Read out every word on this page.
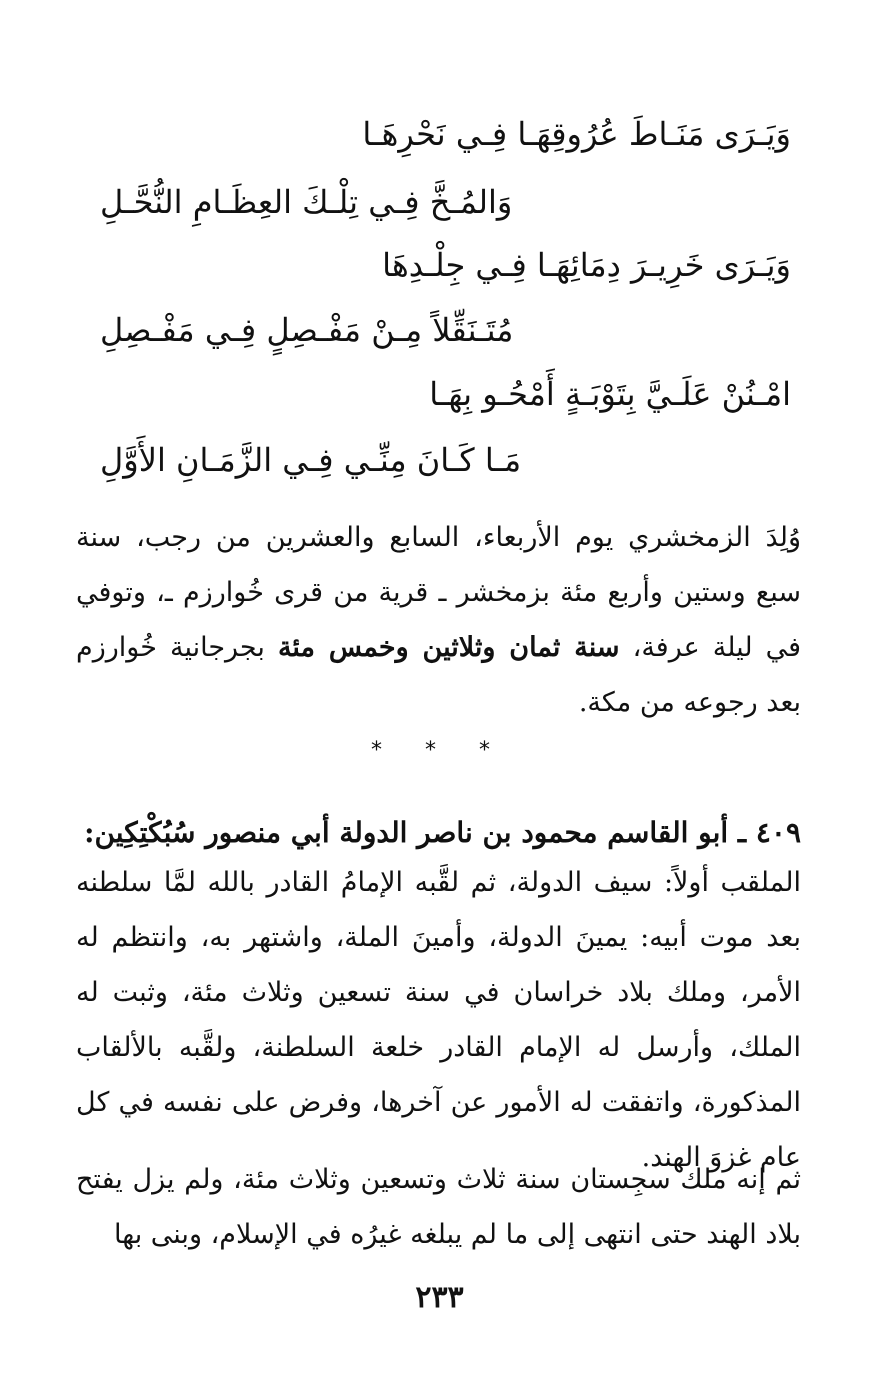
وَيَـرَى مَنَـاطَ عُرُوقِهَـا فِـي نَحْرِهَـا
وَالمُـخَّ فِـي تِلْـكَ العِظَـامِ النُّحَّـلِ
وَيَـرَى خَرِيـرَ دِمَائِهَـا فِـي جِلْـدِهَا
مُتَـنَقِّلاً مِـنْ مَفْـصِلٍ فِـي مَفْـصِلِ
امْـنُنْ عَلَـيَّ بِتَوْبَـةٍ أَمْحُـو بِهَـا
مَـا كَـانَ مِنِّـي فِـي الزَّمَـانِ الأَوَّلِ
وُلِدَ الزمخشري يوم الأربعاء، السابع والعشرين من رجب، سنة سبع وستين وأربع مئة بزمخشر ـ قرية من قرى خُوارزم ـ، وتوفي في ليلة عرفة، سنة ثمان وثلاثين وخمس مئة بجرجانية خُوارزم بعد رجوعه من مكة.
* * *
٤٠٩ ـ أبو القاسم محمود بن ناصر الدولة أبي منصور سُبُكْتِكِين:
الملقب أولاً: سيف الدولة، ثم لقَّبه الإمامُ القادر بالله لمَّا سلطنه بعد موت أبيه: يمينَ الدولة، وأمينَ الملة، واشتهر به، وانتظم له الأمر، وملك بلاد خراسان في سنة تسعين وثلاث مئة، وثبت له الملك، وأرسل له الإمام القادر خلعة السلطنة، ولقَّبه بالألقاب المذكورة، واتفقت له الأمور عن آخرها، وفرض على نفسه في كل عام غزوَ الهند.
ثم إنه ملك سجِستان سنة ثلاث وتسعين وثلاث مئة، ولم يزل يفتح بلاد الهند حتى انتهى إلى ما لم يبلغه غيرُه في الإسلام، وبنى بها
٢٣٣
